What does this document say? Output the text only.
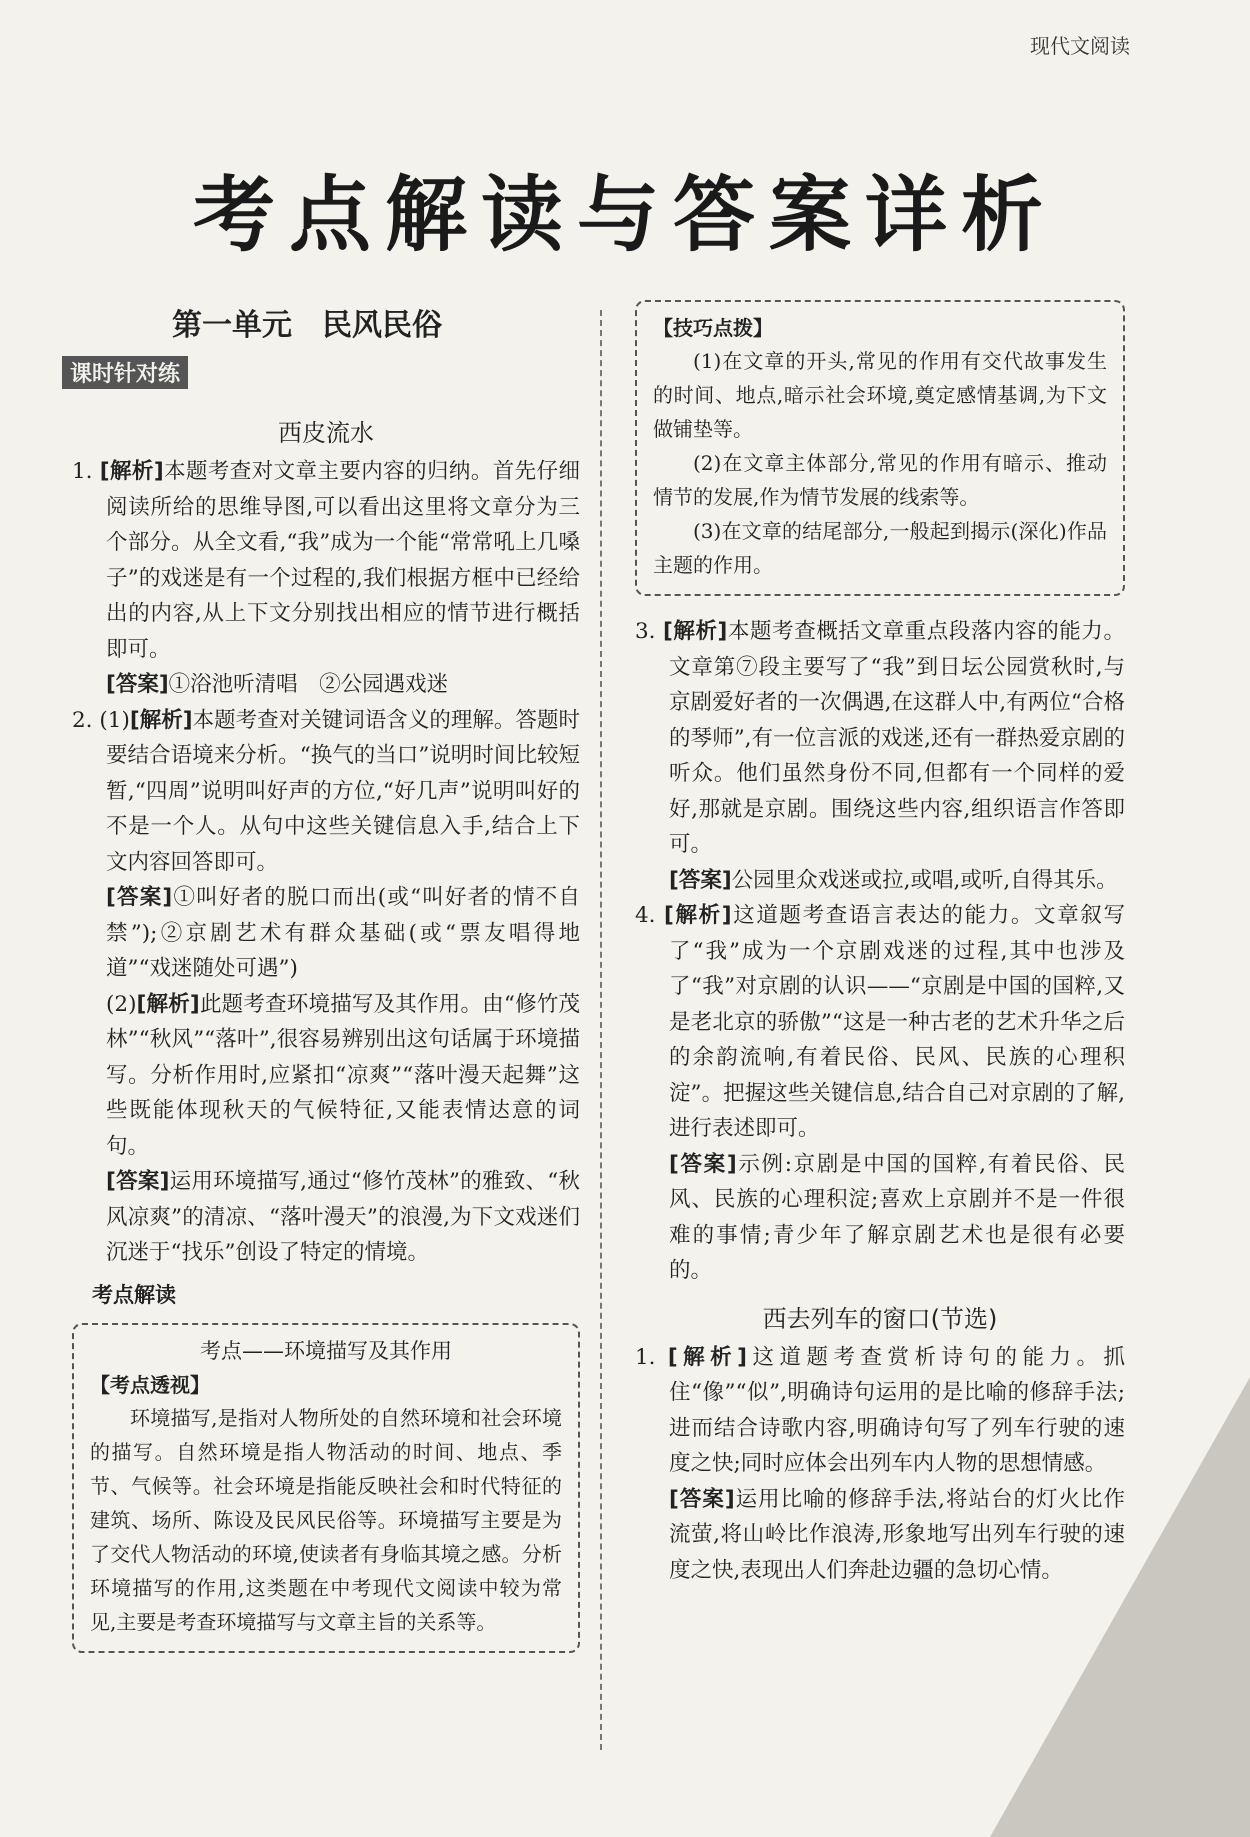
现代文阅读
考点解读与答案详析
第一单元　民风民俗
课时针对练
西皮流水

1. [解析]本题考查对文章主要内容的归纳。首先仔细阅读所给的思维导图,可以看出这里将文章分为三个部分。从全文看,“我”成为一个能“常常吼上几嗓子”的戏迷是有一个过程的,我们根据方框中已经给出的内容,从上下文分别找出相应的情节进行概括即可。

[答案]①浴池听清唱　②公园遇戏迷

2. (1)[解析]本题考查对关键词语含义的理解。答题时要结合语境来分析。“换气的当口”说明时间比较短暂,“四周”说明叫好声的方位,“好几声”说明叫好的不是一个人。从句中这些关键信息入手,结合上下文内容回答即可。

[答案]①叫好者的脱口而出(或“叫好者的情不自禁”);②京剧艺术有群众基础(或“票友唱得地道”“戏迷随处可遇”)

(2)[解析]此题考查环境描写及其作用。由“修竹茂林”“秋风”“落叶”,很容易辨别出这句话属于环境描写。分析作用时,应紧扣“凉爽”“落叶漫天起舞”这些既能体现秋天的气候特征,又能表情达意的词句。

[答案]运用环境描写,通过“修竹茂林”的雅致、“秋风凉爽”的清凉、“落叶漫天”的浪漫,为下文戏迷们沉迷于“找乐”创设了特定的情境。

考点解读
考点——环境描写及其作用
【考点透视】

环境描写,是指对人物所处的自然环境和社会环境的描写。自然环境是指人物活动的时间、地点、季节、气候等。社会环境是指能反映社会和时代特征的建筑、场所、陈设及民风民俗等。环境描写主要是为了交代人物活动的环境,使读者有身临其境之感。分析环境描写的作用,这类题在中考现代文阅读中较为常见,主要是考查环境描写与文章主旨的关系等。

【技巧点拨】

(1)在文章的开头,常见的作用有交代故事发生的时间、地点,暗示社会环境,奠定感情基调,为下文做铺垫等。

(2)在文章主体部分,常见的作用有暗示、推动情节的发展,作为情节发展的线索等。

(3)在文章的结尾部分,一般起到揭示(深化)作品主题的作用。

3. [解析]本题考查概括文章重点段落内容的能力。文章第⑦段主要写了“我”到日坛公园赏秋时,与京剧爱好者的一次偶遇,在这群人中,有两位“合格的琴师”,有一位言派的戏迷,还有一群热爱京剧的听众。他们虽然身份不同,但都有一个同样的爱好,那就是京剧。围绕这些内容,组织语言作答即可。

[答案]公园里众戏迷或拉,或唱,或听,自得其乐。

4. [解析]这道题考查语言表达的能力。文章叙写了“我”成为一个京剧戏迷的过程,其中也涉及了“我”对京剧的认识——“京剧是中国的国粹,又是老北京的骄傲”“这是一种古老的艺术升华之后的余韵流响,有着民俗、民风、民族的心理积淀”。把握这些关键信息,结合自己对京剧的了解,进行表述即可。

[答案]示例:京剧是中国的国粹,有着民俗、民风、民族的心理积淀;喜欢上京剧并不是一件很难的事情;青少年了解京剧艺术也是很有必要的。

西去列车的窗口(节选)

1. [解析]这道题考查赏析诗句的能力。抓住“像”“似”,明确诗句运用的是比喻的修辞手法;进而结合诗歌内容,明确诗句写了列车行驶的速度之快;同时应体会出列车内人物的思想情感。

[答案]运用比喻的修辞手法,将站台的灯火比作流萤,将山岭比作浪涛,形象地写出列车行驶的速度之快,表现出人们奔赴边疆的急切心情。

57
